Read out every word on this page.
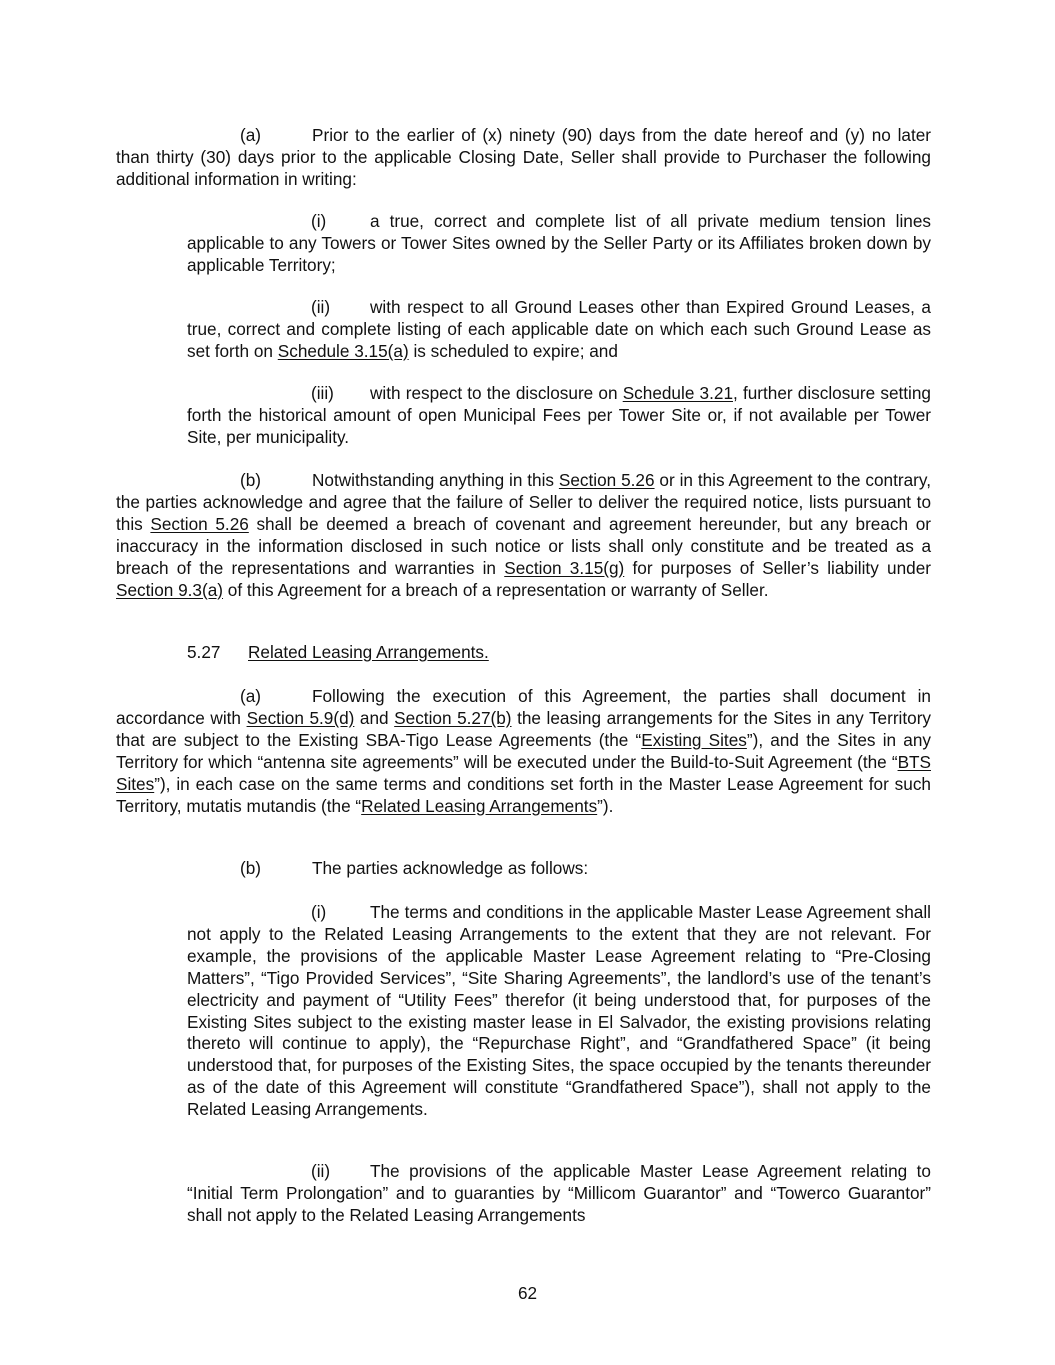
(a)	Prior to the earlier of (x) ninety (90) days from the date hereof and (y) no later than thirty (30) days prior to the applicable Closing Date, Seller shall provide to Purchaser the following additional information in writing:

(i)	a true, correct and complete list of all private medium tension lines applicable to any Towers or Tower Sites owned by the Seller Party or its Affiliates broken down by applicable Territory;

(ii) with respect to all Ground Leases other than Expired Ground Leases, a true, correct and complete listing of each applicable date on which each such Ground Lease as set forth on Schedule 3.15(a) is scheduled to expire; and

(iii) with respect to the disclosure on Schedule 3.21, further disclosure setting forth the historical amount of open Municipal Fees per Tower Site or, if not available per Tower Site, per municipality.

(b)	Notwithstanding anything in this Section 5.26 or in this Agreement to the contrary, the parties acknowledge and agree that the failure of Seller to deliver the required notice, lists pursuant to this Section 5.26 shall be deemed a breach of covenant and agreement hereunder, but any breach or inaccuracy in the information disclosed in such notice or lists shall only constitute and be treated as a breach of the representations and warranties in Section 3.15(g) for purposes of Seller’s liability under Section 9.3(a) of this Agreement for a breach of a representation or warranty of Seller.

5.27 Related Leasing Arrangements.

(a)	Following the execution of this Agreement, the parties shall document in accordance with Section 5.9(d) and Section 5.27(b) the leasing arrangements for the Sites in any Territory that are subject to the Existing SBA-Tigo Lease Agreements (the “Existing Sites”), and the Sites in any Territory for which “antenna site agreements” will be executed under the Build-to-Suit Agreement (the “BTS Sites”), in each case on the same terms and conditions set forth in the Master Lease Agreement for such Territory, mutatis mutandis (the “Related Leasing Arrangements”).

(b)	The parties acknowledge as follows:

(i)	The terms and conditions in the applicable Master Lease Agreement shall not apply to the Related Leasing Arrangements to the extent that they are not relevant. For example, the provisions of the applicable Master Lease Agreement relating to “Pre-Closing Matters”, “Tigo Provided Services”, “Site Sharing Agreements”, the landlord’s use of the tenant’s electricity and payment of “Utility Fees” therefor (it being understood that, for purposes of the Existing Sites subject to the existing master lease in El Salvador, the existing provisions relating thereto will continue to apply), the “Repurchase Right”, and “Grandfathered Space” (it being understood that, for purposes of the Existing Sites, the space occupied by the tenants thereunder as of the date of this Agreement will constitute “Grandfathered Space”), shall not apply to the Related Leasing Arrangements.

(ii) The provisions of the applicable Master Lease Agreement relating to “Initial Term Prolongation” and to guaranties by “Millicom Guarantor” and “Towerco Guarantor” shall not apply to the Related Leasing Arrangements

62
